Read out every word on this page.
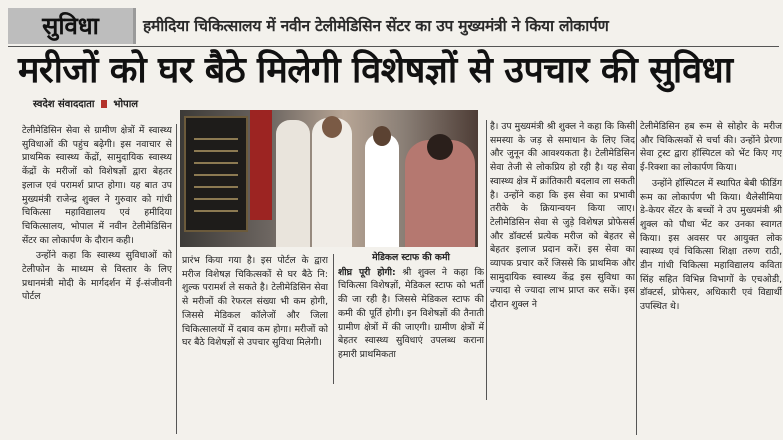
सुविधा	हमीदिया चिकित्सालय में नवीन टेलीमेडिसिन सेंटर का उप मुख्यमंत्री ने किया लोकार्पण
मरीजों को घर बैठे मिलेगी विशेषज्ञों से उपचार की सुविधा
स्वदेश संवाददाता भोपाल

टेलीमेडिसिन सेवा से ग्रामीण क्षेत्रों में स्वास्थ्य सुविधाओं की पहुंच बढ़ेगी। इस नवाचार से प्राथमिक स्वास्थ्य केंद्रों, सामुदायिक स्वास्थ्य केंद्रों के मरीजों को विशेषज्ञों द्वारा बेहतर इलाज एवं परामर्श प्राप्त होगा। यह बात उप मुख्यमंत्री राजेन्द्र शुक्ल ने गुरुवार को गांधी चिकित्सा महाविद्यालय एवं हमीदिया चिकित्सालय, भोपाल में नवीन टेलीमेडिसिन सेंटर का लोकार्पण के दौरान कही।

उन्होंने कहा कि स्वास्थ्य सुविधाओं को टेलीफोन के माध्यम से विस्तार के लिए प्रधानमंत्री मोदी के मार्गदर्शन में ई-संजीवनी पोर्टल

प्रारंभ किया गया है। इस पोर्टल के द्वारा मरीज विशेषज्ञ चिकित्सकों से घर बैठे नि: शुल्क परामर्श ले सकते है। टेलीमेडिसिन सेवा से मरीजों की रेफरल संख्या भी कम होगी, जिससे मेडिकल कॉलेजों और जिला चिकित्सालयों में दबाव कम होगा। मरीजों को घर बैठे विशेषज्ञों से उपचार सुविधा मिलेगी।

मेडिकल स्टाफ की कमी

शीघ्र पूरी होगी: श्री शुक्ल ने कहा कि चिकित्सा विशेषज्ञों, मेडिकल स्टाफ को भर्ती की जा रही है। जिससे मेडिकल स्टाफ की कमी की पूर्ति होगी। इन विशेषज्ञों की तैनाती ग्रामीण क्षेत्रों में की जाएगी। ग्रामीण क्षेत्रों में बेहतर स्वास्थ्य सुविधाएं उपलब्ध कराना हमारी प्राथमिकता

है। उप मुख्यमंत्री श्री शुक्ल ने कहा कि किसी समस्या के जड़ से समाधान के लिए जिद और जुनून की आवश्यकता है। टेलीमेडिसिन सेवा तेजी से लोकप्रिय हो रही है। यह सेवा स्वास्थ्य क्षेत्र में क्रांतिकारी बदलाव ला सकती है। उन्होंने कहा कि इस सेवा का प्रभावी तरीके के क्रियान्वयन किया जाए। टेलीमेडिसिन सेवा से जुड़े विशेषज्ञ प्रोफेसर्स और डॉक्टर्स प्रत्येक मरीज को बेहतर से बेहतर इलाज प्रदान करें। इस सेवा का व्यापक प्रचार करें जिससे कि प्राथमिक और सामुदायिक स्वास्थ्य केंद्र इस सुविधा का ज्यादा से ज्यादा लाभ प्राप्त कर सकें। इस दौरान शुक्ल ने

टेलीमेडिसिन हब रूम से सोहोर के मरीज और चिकित्सकों से चर्चा की। उन्होंने प्रेरणा सेवा ट्रस्ट द्वारा हॉस्पिटल को भेंट किए गए ई-रिक्शा का लोकार्पण किया।

उन्होंने हॉस्पिटल में स्थापित बेबी फीडिंग रूम का लोकार्पण भी किया। थैलेसीमिया डे-केयर सेंटर के बच्चों ने उप मुख्यमंत्री श्री शुक्ल को पौधा भेंट कर उनका स्वागत किया। इस अवसर पर आयुक्त लोक स्वास्थ्य एवं चिकित्सा शिक्षा तरुण राठी, डीन गांधी चिकित्सा महाविद्यालय कविता सिंह सहित विभिन्न विभागों के एचओडी, डॉक्टर्स, प्रोफेसर, अधिकारी एवं विद्यार्थी उपस्थित थे।
